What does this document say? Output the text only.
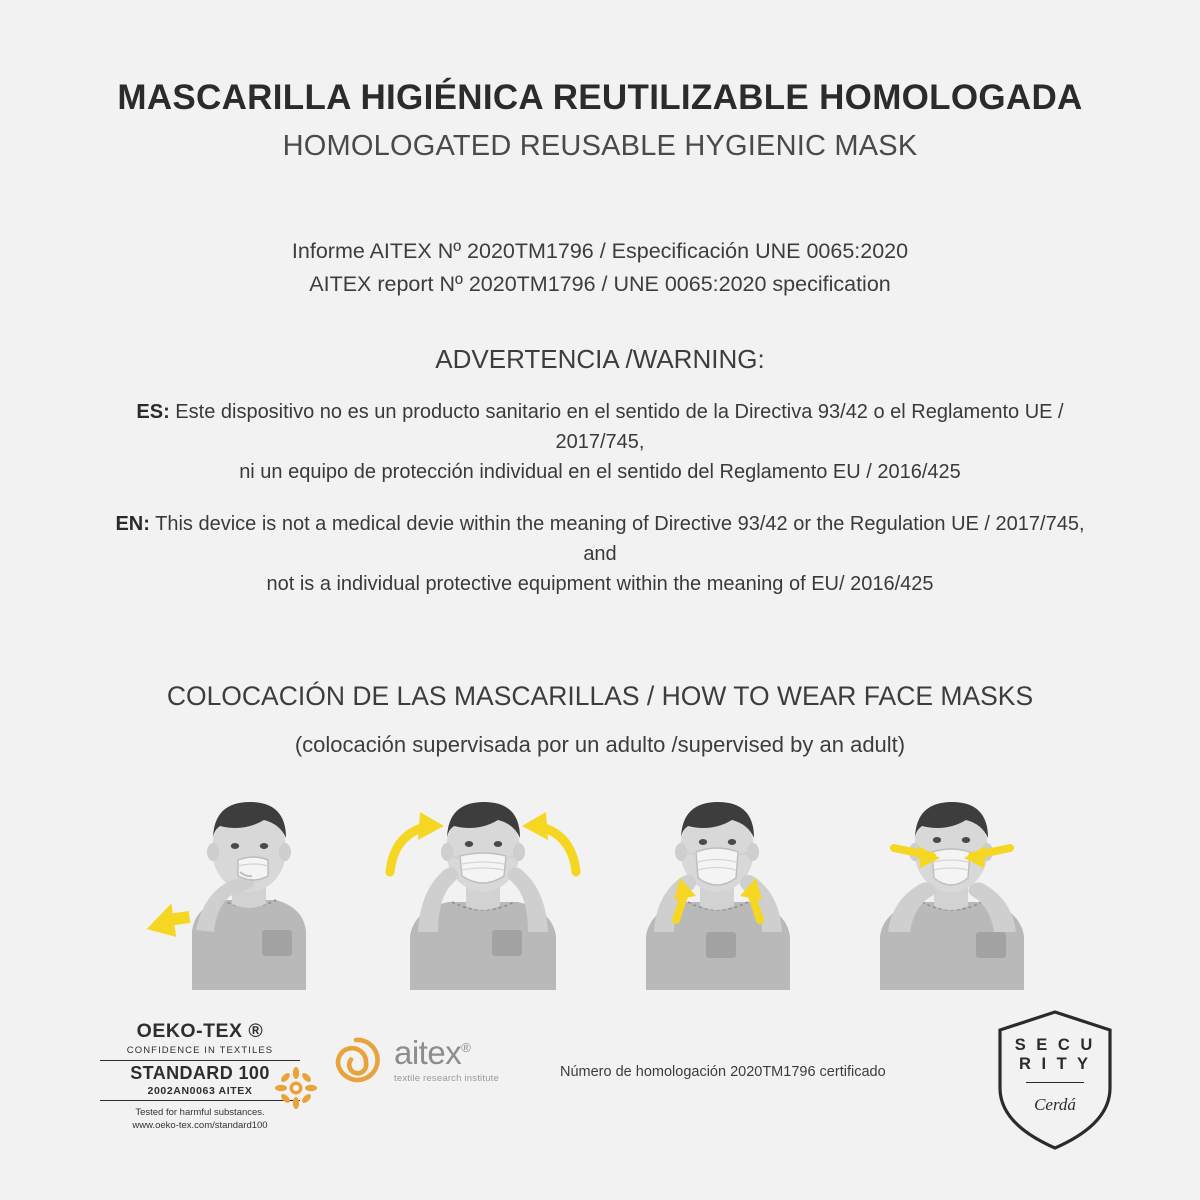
MASCARILLA HIGIÉNICA REUTILIZABLE HOMOLOGADA
HOMOLOGATED REUSABLE HYGIENIC MASK
Informe AITEX Nº 2020TM1796 / Especificación UNE 0065:2020
AITEX report Nº 2020TM1796 / UNE 0065:2020 specification
ADVERTENCIA /WARNING:
ES: Este dispositivo no es un producto sanitario en el sentido de la Directiva 93/42 o el Reglamento UE / 2017/745,
ni un equipo de protección individual en el sentido del Reglamento EU / 2016/425
EN: This device is not a medical devie within the meaning of Directive 93/42 or the Regulation UE / 2017/745, and
not is a individual protective equipment within the meaning of EU/ 2016/425
COLOCACIÓN DE LAS MASCARILLAS / HOW TO WEAR FACE MASKS
(colocación supervisada por un adulto /supervised by an adult)
OEKO-TEX ®
CONFIDENCE IN TEXTILES
STANDARD 100
2002AN0063 AITEX
Tested for harmful substances.
www.oeko-tex.com/standard100
aitex®
textile research institute	Número de homologación 2020TM1796 certificado
S E C U
R I T Y
Cerdá
